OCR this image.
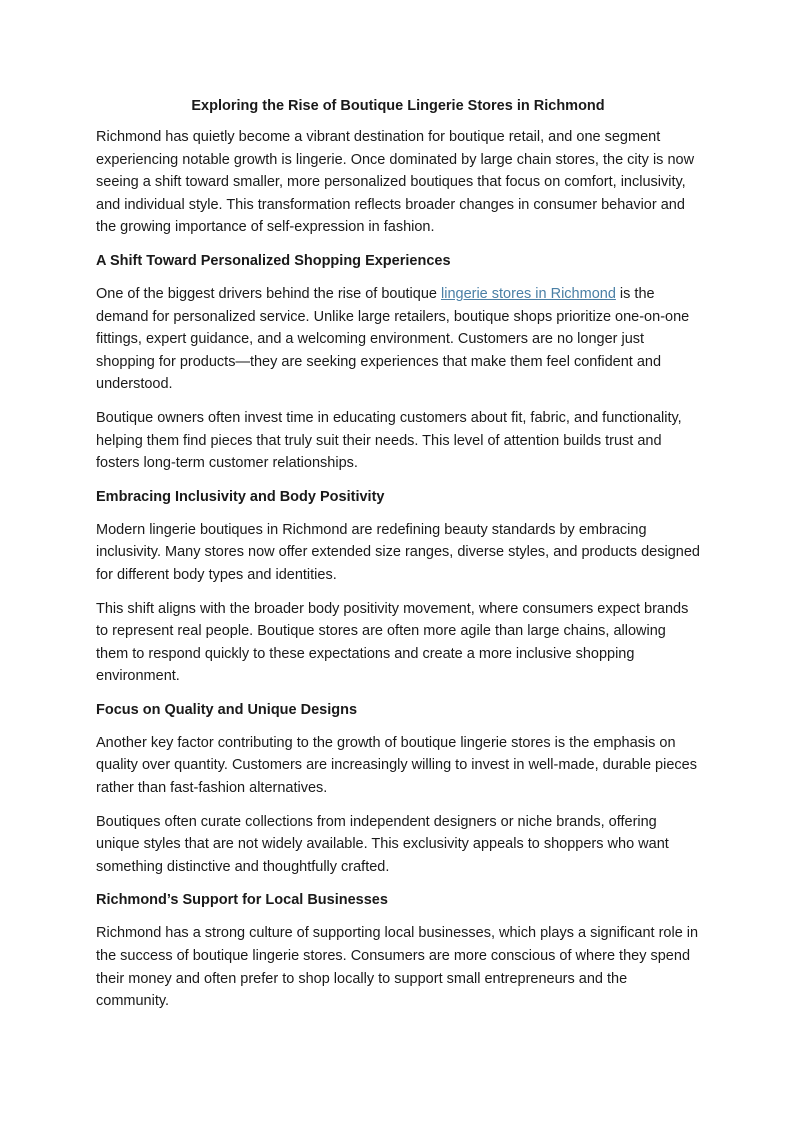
Exploring the Rise of Boutique Lingerie Stores in Richmond

Richmond has quietly become a vibrant destination for boutique retail, and one segment experiencing notable growth is lingerie. Once dominated by large chain stores, the city is now seeing a shift toward smaller, more personalized boutiques that focus on comfort, inclusivity, and individual style. This transformation reflects broader changes in consumer behavior and the growing importance of self-expression in fashion.

A Shift Toward Personalized Shopping Experiences

One of the biggest drivers behind the rise of boutique lingerie stores in Richmond is the demand for personalized service. Unlike large retailers, boutique shops prioritize one-on-one fittings, expert guidance, and a welcoming environment. Customers are no longer just shopping for products—they are seeking experiences that make them feel confident and understood.

Boutique owners often invest time in educating customers about fit, fabric, and functionality, helping them find pieces that truly suit their needs. This level of attention builds trust and fosters long-term customer relationships.

Embracing Inclusivity and Body Positivity

Modern lingerie boutiques in Richmond are redefining beauty standards by embracing inclusivity. Many stores now offer extended size ranges, diverse styles, and products designed for different body types and identities.

This shift aligns with the broader body positivity movement, where consumers expect brands to represent real people. Boutique stores are often more agile than large chains, allowing them to respond quickly to these expectations and create a more inclusive shopping environment.

Focus on Quality and Unique Designs

Another key factor contributing to the growth of boutique lingerie stores is the emphasis on quality over quantity. Customers are increasingly willing to invest in well-made, durable pieces rather than fast-fashion alternatives.

Boutiques often curate collections from independent designers or niche brands, offering unique styles that are not widely available. This exclusivity appeals to shoppers who want something distinctive and thoughtfully crafted.

Richmond’s Support for Local Businesses

Richmond has a strong culture of supporting local businesses, which plays a significant role in the success of boutique lingerie stores. Consumers are more conscious of where they spend their money and often prefer to shop locally to support small entrepreneurs and the community.
